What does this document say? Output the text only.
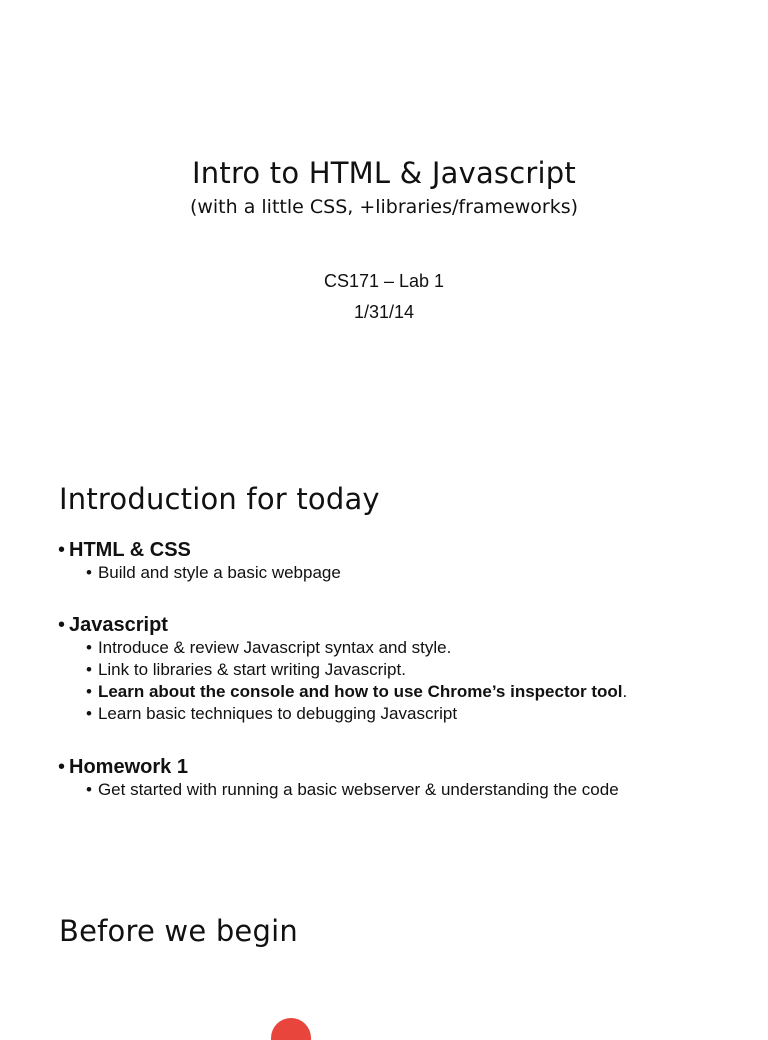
Intro to HTML & Javascript
(with a little CSS, +libraries/frameworks)
CS171 – Lab 1
1/31/14
Introduction for today
• HTML & CSS
• Build and style a basic webpage
• Javascript
• Introduce & review Javascript syntax and style.
• Link to libraries & start writing Javascript.
• Learn about the console and how to use Chrome’s inspector tool.
• Learn basic techniques to debugging Javascript
• Homework 1
• Get started with running a basic webserver & understanding the code
Before we begin
